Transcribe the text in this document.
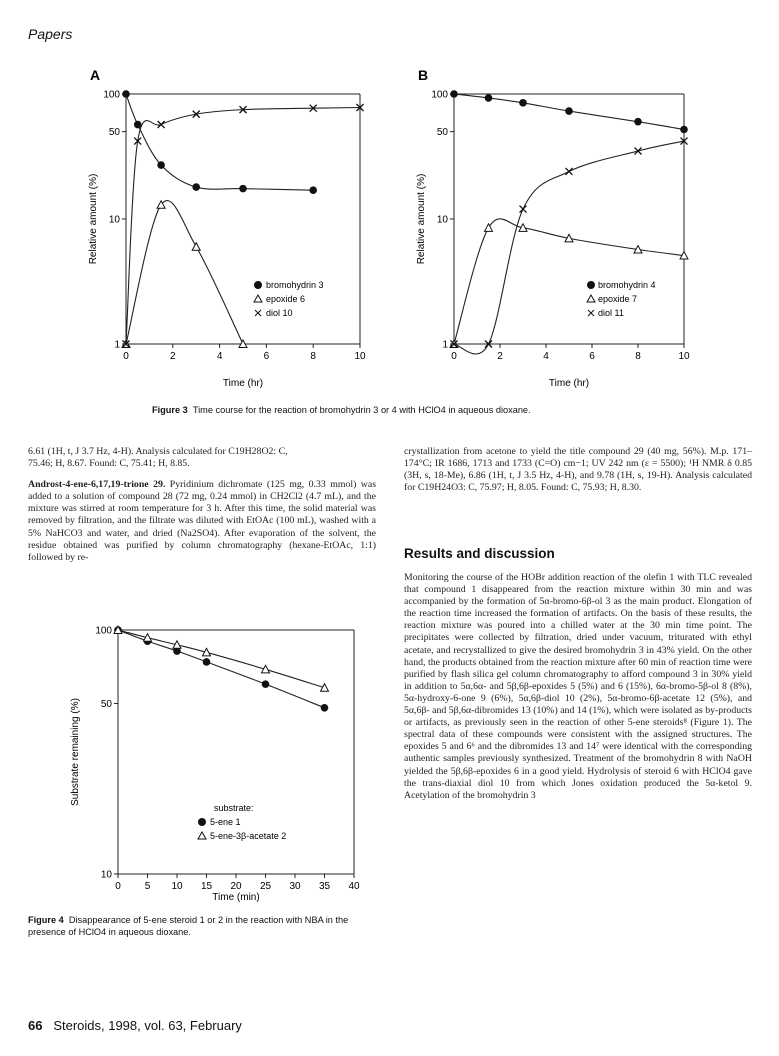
Papers
A
Relative amount (%)
Time (hr)
0	2	4	6	8	10
1
10
50
100
bromohydrin 3
epoxide 6
diol 10
B
Relative amount (%)
Time (hr)
0	2	4	6	8	10
1
10
50
100
bromohydrin 4
epoxide 7
diol 11
Figure 3 Time course for the reaction of bromohydrin 3 or 4 with HClO4 in aqueous dioxane.

6.61 (1H, t, J 3.7 Hz, 4-H). Analysis calculated for C19H28O2: C,

75.46; H, 8.67. Found: C, 75.41; H, 8.85.

Androst-4-ene-6,17,19-trione 29. Pyridinium dichromate (125 mg, 0.33 mmol) was added to a solution of compound 28 (72 mg, 0.24 mmol) in CH2Cl2 (4.7 mL), and the mixture was stirred at room temperature for 3 h. After this time, the solid material was removed by filtration, and the filtrate was diluted with EtOAc (100 mL), washed with a 5% NaHCO3 and water, and dried (Na2SO4). After evaporation of the solvent, the residue obtained was purified by column chromatography (hexane-EtOAc, 1:1) followed by re-

crystallization from acetone to yield the title compound 29 (40 mg, 56%). M.p. 171–174°C; IR 1686, 1713 and 1733 (C=O) cm−1; UV 242 nm (ε = 5500); ¹H NMR δ 0.85 (3H, s, 18-Me), 6.86 (1H, t, J 3.5 Hz, 4-H), and 9.78 (1H, s, 19-H). Analysis calculated for C19H24O3: C, 75.97; H, 8.05. Found: C, 75.93; H, 8.30.

Results and discussion
Monitoring the course of the HOBr addition reaction of the olefin 1 with TLC revealed that compound 1 disappeared from the reaction mixture within 30 min and was accompanied by the formation of 5α-bromo-6β-ol 3 as the main product. Elongation of the reaction time increased the formation of artifacts. On the basis of these results, the reaction mixture was poured into a chilled water at the 30 min time point. The precipitates were collected by filtration, dried under vacuum, triturated with ethyl acetate, and recrystallized to give the desired bromohydrin 3 in 43% yield. On the other hand, the products obtained from the reaction mixture after 60 min of reaction time were purified by flash silica gel column chromatography to afford compound 3 in 30% yield in addition to 5α,6α- and 5β,6β-epoxides 5 (5%) and 6 (15%), 6α-bromo-5β-ol 8 (8%), 5α-hydroxy-6-one 9 (6%), 5α,6β-diol 10 (2%), 5α-bromo-6β-acetate 12 (5%), and 5α,6β- and 5β,6α-dibromides 13 (10%) and 14 (1%), which were isolated as by-products or artifacts, as previously seen in the reaction of other 5-ene steroids⁸ (Figure 1). The spectral data of these compounds were consistent with the assigned structures. The epoxides 5 and 6⁶ and the dibromides 13 and 14⁷ were identical with the corresponding authentic samples previously synthesized. Treatment of the bromohydrin 8 with NaOH yielded the 5β,6β-epoxides 6 in a good yield. Hydrolysis of steroid 6 with HClO4 gave the trans-diaxial diol 10 from which Jones oxidation produced the 5α-ketol 9. Acetylation of the bromohydrin 3
Substrate remaining (%)
Time (min)
0 5 10 15 20 25 30 35 40
10
50
100
substrate:
5-ene 1
5-ene-3β-acetate 2
Figure 4 Disappearance of 5-ene steroid 1 or 2 in the reaction with NBA in the presence of HClO4 in aqueous dioxane.
66 Steroids, 1998, vol. 63, February
